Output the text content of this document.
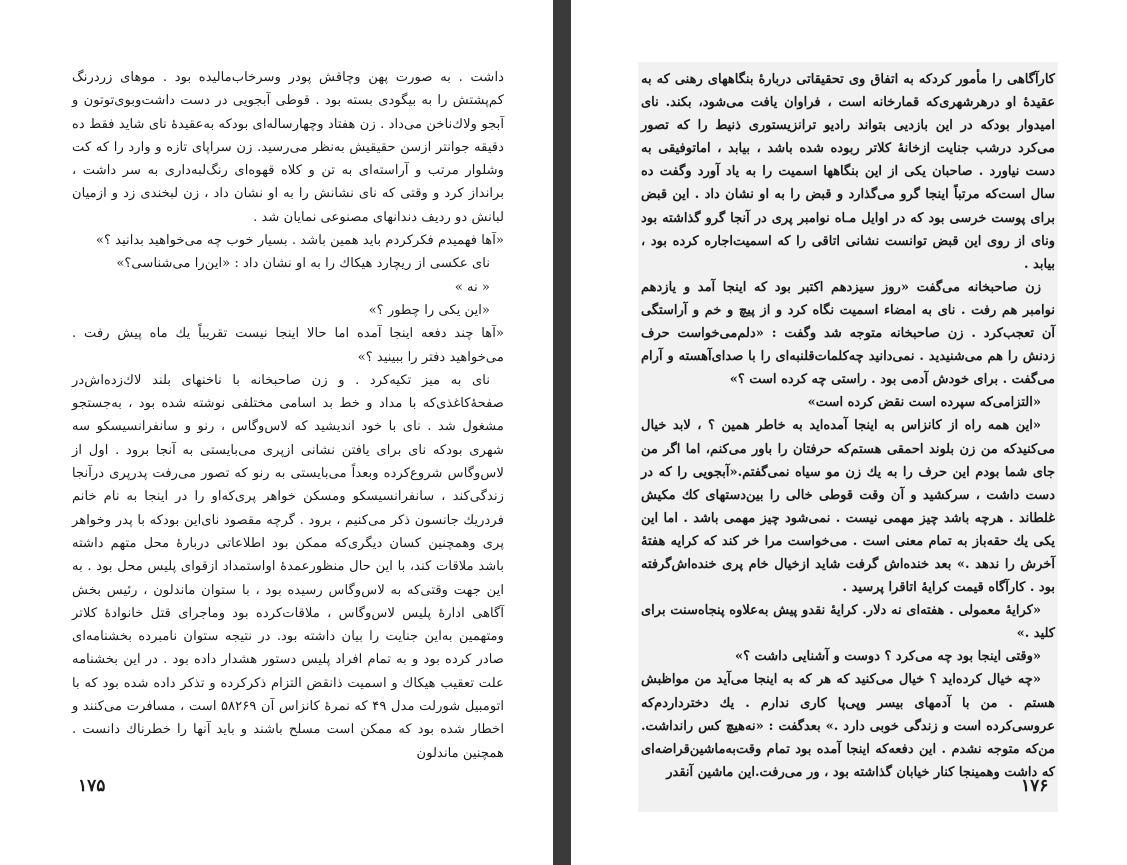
داشت . به صورت پهن وچاقش پودر وسرخاب‌مالیده بود . موهای زردرنگ کم‌پشتش را به بیگودی بسته بود . قوطی آبجویی در دست داشت‌وبوی‌توتون و آبجو ولاك‌ناخن می‌داد . زن هفتاد وچهارساله‌ای بودکه به‌عقیدهٔ نای شاید فقط ده دقیقه جوانتر ازسن حقیقیش به‌نظر می‌رسید. زن سراپای تازه و وارد را که کت وشلوار مرتب و آراسته‌ای به تن و کلاه قهوه‌ای رنگ‌لبه‌داری به سر داشت ، برانداز کرد و وقتی که نای نشانش را به او نشان داد ، زن لبخندی زد و ازمیان لبانش دو ردیف دندانهای مصنوعی نمایان شد .

«آها فهمیدم فکرکردم باید همین باشد . بسیار خوب چه می‌خواهید بدانید ؟»

نای عکسی از ریچارد هیکاك را به او نشان داد : «این‌را می‌شناسی؟»

« نه »

«این یکی را چطور ؟»

«آها چند دفعه اینجا آمده اما حالا اینجا نیست تقریباً یك ماه پیش رفت . می‌خواهید دفتر را ببینید ؟»

نای به میز تکیه‌کرد . و زن صاحبخانه با ناخنهای بلند لاك‌زده‌اش‌در صفحهٔ‌کاغذی‌که با مداد و خط بد اسامی مختلفی نوشته شده بود ، به‌جستجو مشغول شد . نای با خود اندیشید که لاس‌وگاس ، رنو و سانفرانسیسکو سه شهری بودکه نای برای یافتن نشانی ازپری می‌بایستی به آنجا برود . اول از لاس‌وگاس شروع‌کرده وبعداً می‌بایستی به رنو که تصور می‌رفت پدرپری درآنجا زندگی‌کند ، سانفرانسیسکو ومسکن خواهر پری‌که‌او را در اینجا به نام خانم فردریك جانسون ذکر می‌کنیم ، برود . گرچه مقصود نای‌این بودکه با پدر وخواهر پری وهمچنین کسان دیگری‌که ممکن بود اطلاعاتی دربارهٔ محل متهم داشته باشد ملاقات کند، با این حال منظورعمدهٔ اواستمداد ازقوای پلیس محل بود . به این جهت وقتی‌که به لاس‌وگاس رسیده بود ، با ستوان ماندلون ، رئیس بخش آگاهی ادارهٔ پلیس لاس‌وگاس ، ملاقات‌کرده بود وماجرای قتل خانوادهٔ کلاتر ومتهمین به‌این جنایت را بیان داشته بود. در نتیجه ستوان نامبرده بخشنامه‌ای صادر کرده بود و به تمام افراد پلیس دستور هشدار داده بود . در این بخشنامه علت تعقیب هیکاك و اسمیت ذانقض التزام ذکرکرده و تذکر داده شده بود که با اتومبیل شورلت مدل ۴۹ که نمرهٔ کانزاس آن ۵۸۲۶۹ است ، مسافرت می‌کنند و اخطار شده بود که ممکن است مسلح باشند و باید آنها را خطرناك دانست . همچنین ماندلون

۱۷۵

کارآگاهی را مأمور کردکه به اتفاق وی تحقیقاتی دربارهٔ بنگاههای رهنی که به عقیدهٔ او درهرشهری‌که قمارخانه است ، فراوان یافت می‌شود، بکند. نای امیدوار بودکه در این بازدیی بتواند رادیو ترانزیستوری ذنیط را که تصور می‌کرد درشب جنایت ازخانهٔ کلاتر ربوده شده باشد ، بیابد ، اماتوفیقی به دست نیاورد . صاحبان یکی از این بنگاهها اسمیت را به یاد آورد وگفت ده سال است‌که مرتباً اینجا گرو می‌گذارد و قبض را به او نشان داد . این قبض برای پوست خرسی بود که در اوایل مـاه نوامبر پری در آنجا گرو گذاشته بود ونای از روی این قبض توانست نشانی اتاقی را که اسمیت‌اجاره کرده بود ، بیابد .

زن صاحبخانه می‌گفت «روز سیزدهم اکتبر بود که اینجا آمد و یازدهم نوامبر هم رفت . نای به امضاء اسمیت نگاه کرد و از پیچ و خم و آراستگی آن تعجب‌کرد . زن صاحبخانه متوجه شد وگفت : «دلم‌می‌خواست حرف زدنش را هم می‌شنیدید . نمی‌دانید چه‌کلمات‌قلنبه‌ای را با صدای‌آهسته و آرام می‌گفت . برای خودش آدمی بود . راستی چه کرده است ؟»

«التزامی‌که سپرده است نقض کرده است»

«این همه راه از کانزاس به اینجا آمده‌اید به خاطر همین ؟ ، لابد خیال می‌کنیدکه من زن بلوند احمقی هستم‌که حرفتان را باور می‌کنم، اما اگر من جای شما بودم این حرف را به یك زن مو سیاه نمی‌گفتم.«آبجویی را که در دست داشت ، سرکشید و آن وقت قوطی خالی را بین‌دستهای کك مکیش غلطاند . هرچه باشد چیز مهمی نیست . نمی‌شود چیز مهمی باشد . اما این یکی یك حقه‌باز به تمام معنی است . می‌خواست مرا خر کند که کرایه هفتهٔ آخرش را ندهد .» بعد خنده‌اش گرفت شاید ازخیال خام پری خنده‌اش‌گرفته بود . کارآگاه قیمت کرایهٔ اتاقرا پرسید .

«کرایهٔ معمولی . هفته‌ای نه دلار. کرایهٔ نقدو پیش به‌علاوه پنجاه‌سنت برای کلید .»

«وقتی اینجا بود چه می‌کرد ؟ دوست و آشنایی داشت ؟»

«چه خیال کرده‌اید ؟ خیال می‌کنید که هر که به اینجا می‌آید من مواظبش هستم . من با آدمهای بیسر وپی‌پا کاری ندارم . یك دخترداردم‌که عروسی‌کرده است و زندگی خوبی دارد .» بعدگفت : «نه‌هیچ کس را‌نداشت. من‌که متوجه نشدم . این دفعه‌که اینجا آمده بود تمام وقت‌به‌ماشین‌قراضه‌ای که داشت وهمینجا کنار خیابان گذاشته بود ، ور می‌رفت.این ماشین آنقدر

۱۷۶
